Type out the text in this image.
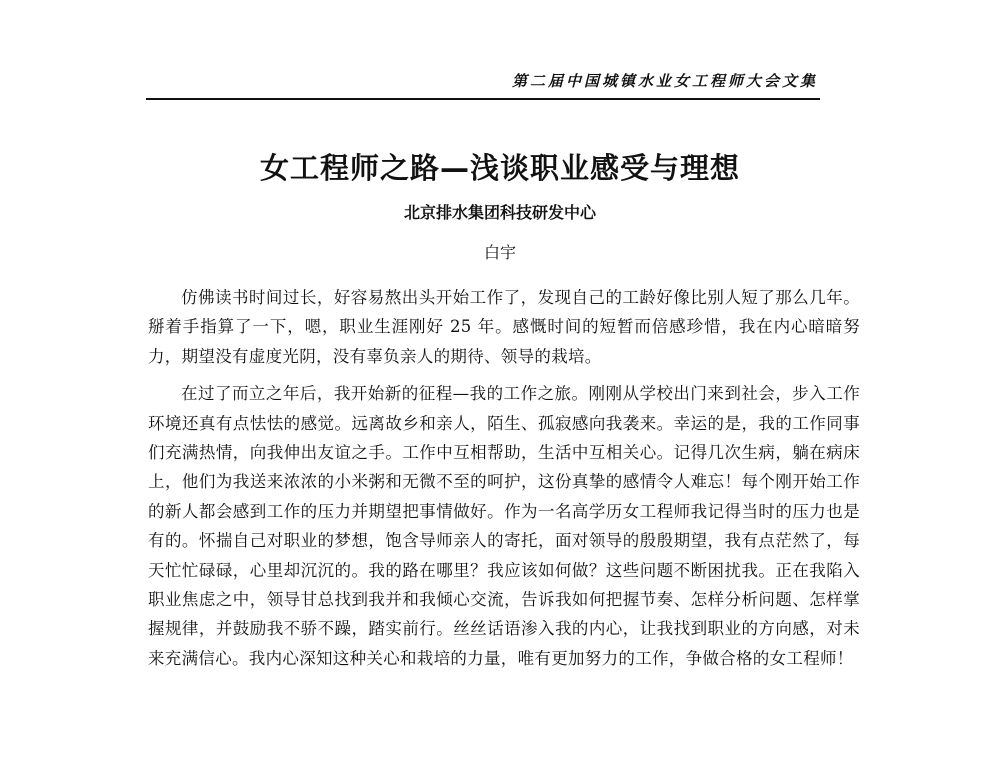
第二届中国城镇水业女工程师大会文集
女工程师之路—浅谈职业感受与理想
北京排水集团科技研发中心
白宇

仿佛读书时间过长，好容易熬出头开始工作了，发现自己的工龄好像比别人短了那么几年。掰着手指算了一下，嗯，职业生涯刚好 25 年。感慨时间的短暂而倍感珍惜，我在内心暗暗努力，期望没有虚度光阴，没有辜负亲人的期待、领导的栽培。

在过了而立之年后，我开始新的征程—我的工作之旅。刚刚从学校出门来到社会，步入工作环境还真有点怯怯的感觉。远离故乡和亲人，陌生、孤寂感向我袭来。幸运的是，我的工作同事们充满热情，向我伸出友谊之手。工作中互相帮助，生活中互相关心。记得几次生病，躺在病床上，他们为我送来浓浓的小米粥和无微不至的呵护，这份真挚的感情令人难忘！每个刚开始工作的新人都会感到工作的压力并期望把事情做好。作为一名高学历女工程师我记得当时的压力也是有的。怀揣自己对职业的梦想，饱含导师亲人的寄托，面对领导的殷殷期望，我有点茫然了，每天忙忙碌碌，心里却沉沉的。我的路在哪里？我应该如何做？这些问题不断困扰我。正在我陷入职业焦虑之中，领导甘总找到我并和我倾心交流，告诉我如何把握节奏、怎样分析问题、怎样掌握规律，并鼓励我不骄不躁，踏实前行。丝丝话语渗入我的内心，让我找到职业的方向感，对未来充满信心。我内心深知这种关心和栽培的力量，唯有更加努力的工作，争做合格的女工程师！
